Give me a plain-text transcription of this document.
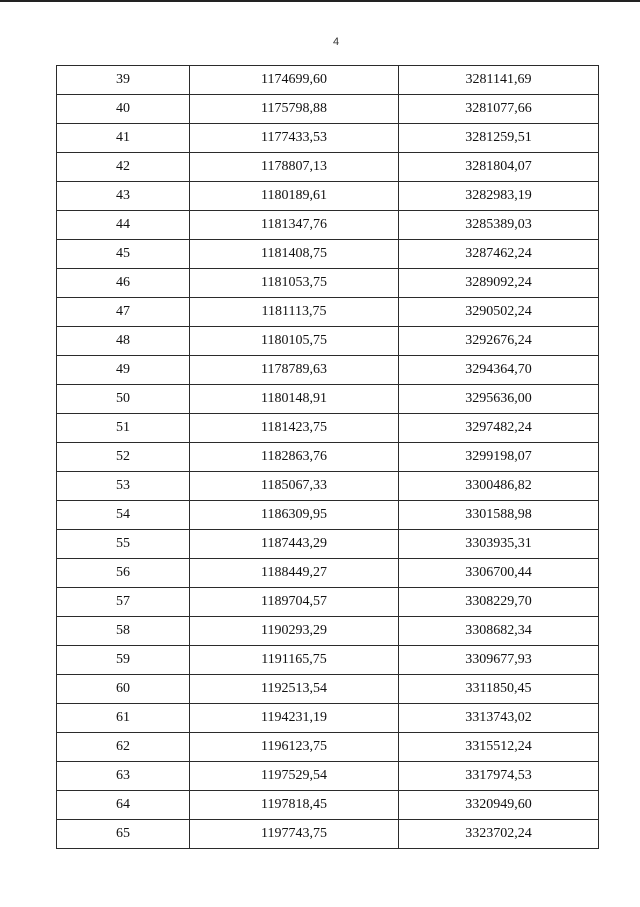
4
39	1174699,60	3281141,69
40	1175798,88	3281077,66
41	1177433,53	3281259,51
42	1178807,13	3281804,07
43	1180189,61	3282983,19
44	1181347,76	3285389,03
45	1181408,75	3287462,24
46	1181053,75	3289092,24
47	1181113,75	3290502,24
48	1180105,75	3292676,24
49	1178789,63	3294364,70
50	1180148,91	3295636,00
51	1181423,75	3297482,24
52	1182863,76	3299198,07
53	1185067,33	3300486,82
54	1186309,95	3301588,98
55	1187443,29	3303935,31
56	1188449,27	3306700,44
57	1189704,57	3308229,70
58	1190293,29	3308682,34
59	1191165,75	3309677,93
60	1192513,54	3311850,45
61	1194231,19	3313743,02
62	1196123,75	3315512,24
63	1197529,54	3317974,53
64	1197818,45	3320949,60
65	1197743,75	3323702,24
